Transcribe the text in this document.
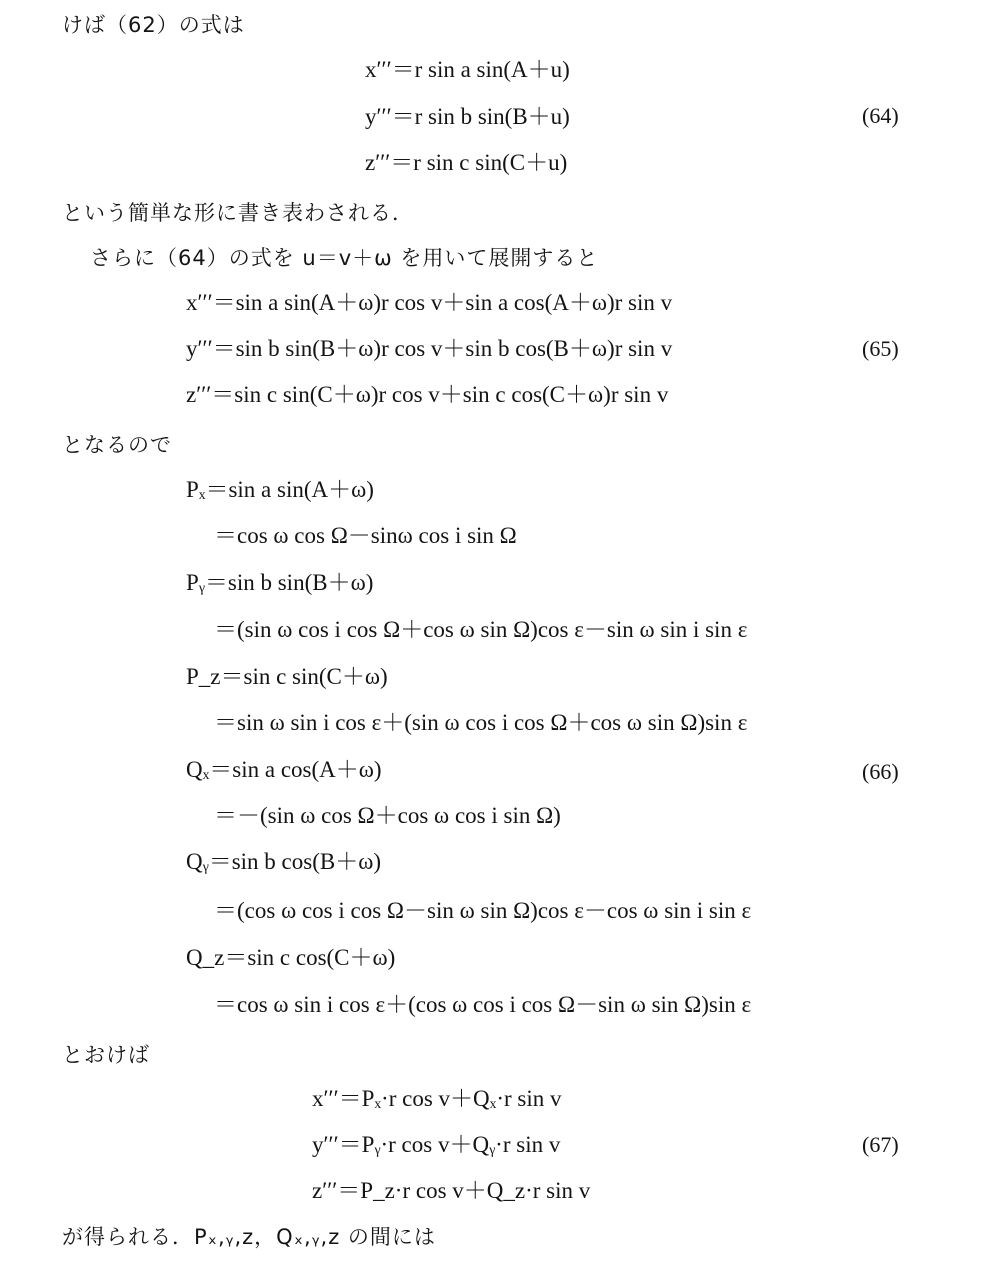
けば（62）の式は
x′′′＝r sin a sin(A＋u)
y′′′＝r sin b sin(B＋u)
z′′′＝r sin c sin(C＋u)
(64)
という簡単な形に書き表わされる．
さらに（64）の式を u＝v＋ω を用いて展開すると
x′′′＝sin a sin(A＋ω)r cos v＋sin a cos(A＋ω)r sin v
y′′′＝sin b sin(B＋ω)r cos v＋sin b cos(B＋ω)r sin v
z′′′＝sin c sin(C＋ω)r cos v＋sin c cos(C＋ω)r sin v
(65)
となるので
Pₓ＝sin a sin(A＋ω)
＝cos ω cos Ω－sinω cos i sin Ω
Pᵧ＝sin b sin(B＋ω)
＝(sin ω cos i cos Ω＋cos ω sin Ω)cos ε－sin ω sin i sin ε
P_z＝sin c sin(C＋ω)
＝sin ω sin i cos ε＋(sin ω cos i cos Ω＋cos ω sin Ω)sin ε
Qₓ＝sin a cos(A＋ω)
＝－(sin ω cos Ω＋cos ω cos i sin Ω)
Qᵧ＝sin b cos(B＋ω)
＝(cos ω cos i cos Ω－sin ω sin Ω)cos ε－cos ω sin i sin ε
Q_z＝sin c cos(C＋ω)
＝cos ω sin i cos ε＋(cos ω cos i cos Ω－sin ω sin Ω)sin ε
(66)
とおけば
x′′′＝Pₓ·r cos v＋Qₓ·r sin v
y′′′＝Pᵧ·r cos v＋Qᵧ·r sin v
z′′′＝P_z·r cos v＋Q_z·r sin v
(67)
が得られる．Pₓ,ᵧ,z，Qₓ,ᵧ,z の間には
